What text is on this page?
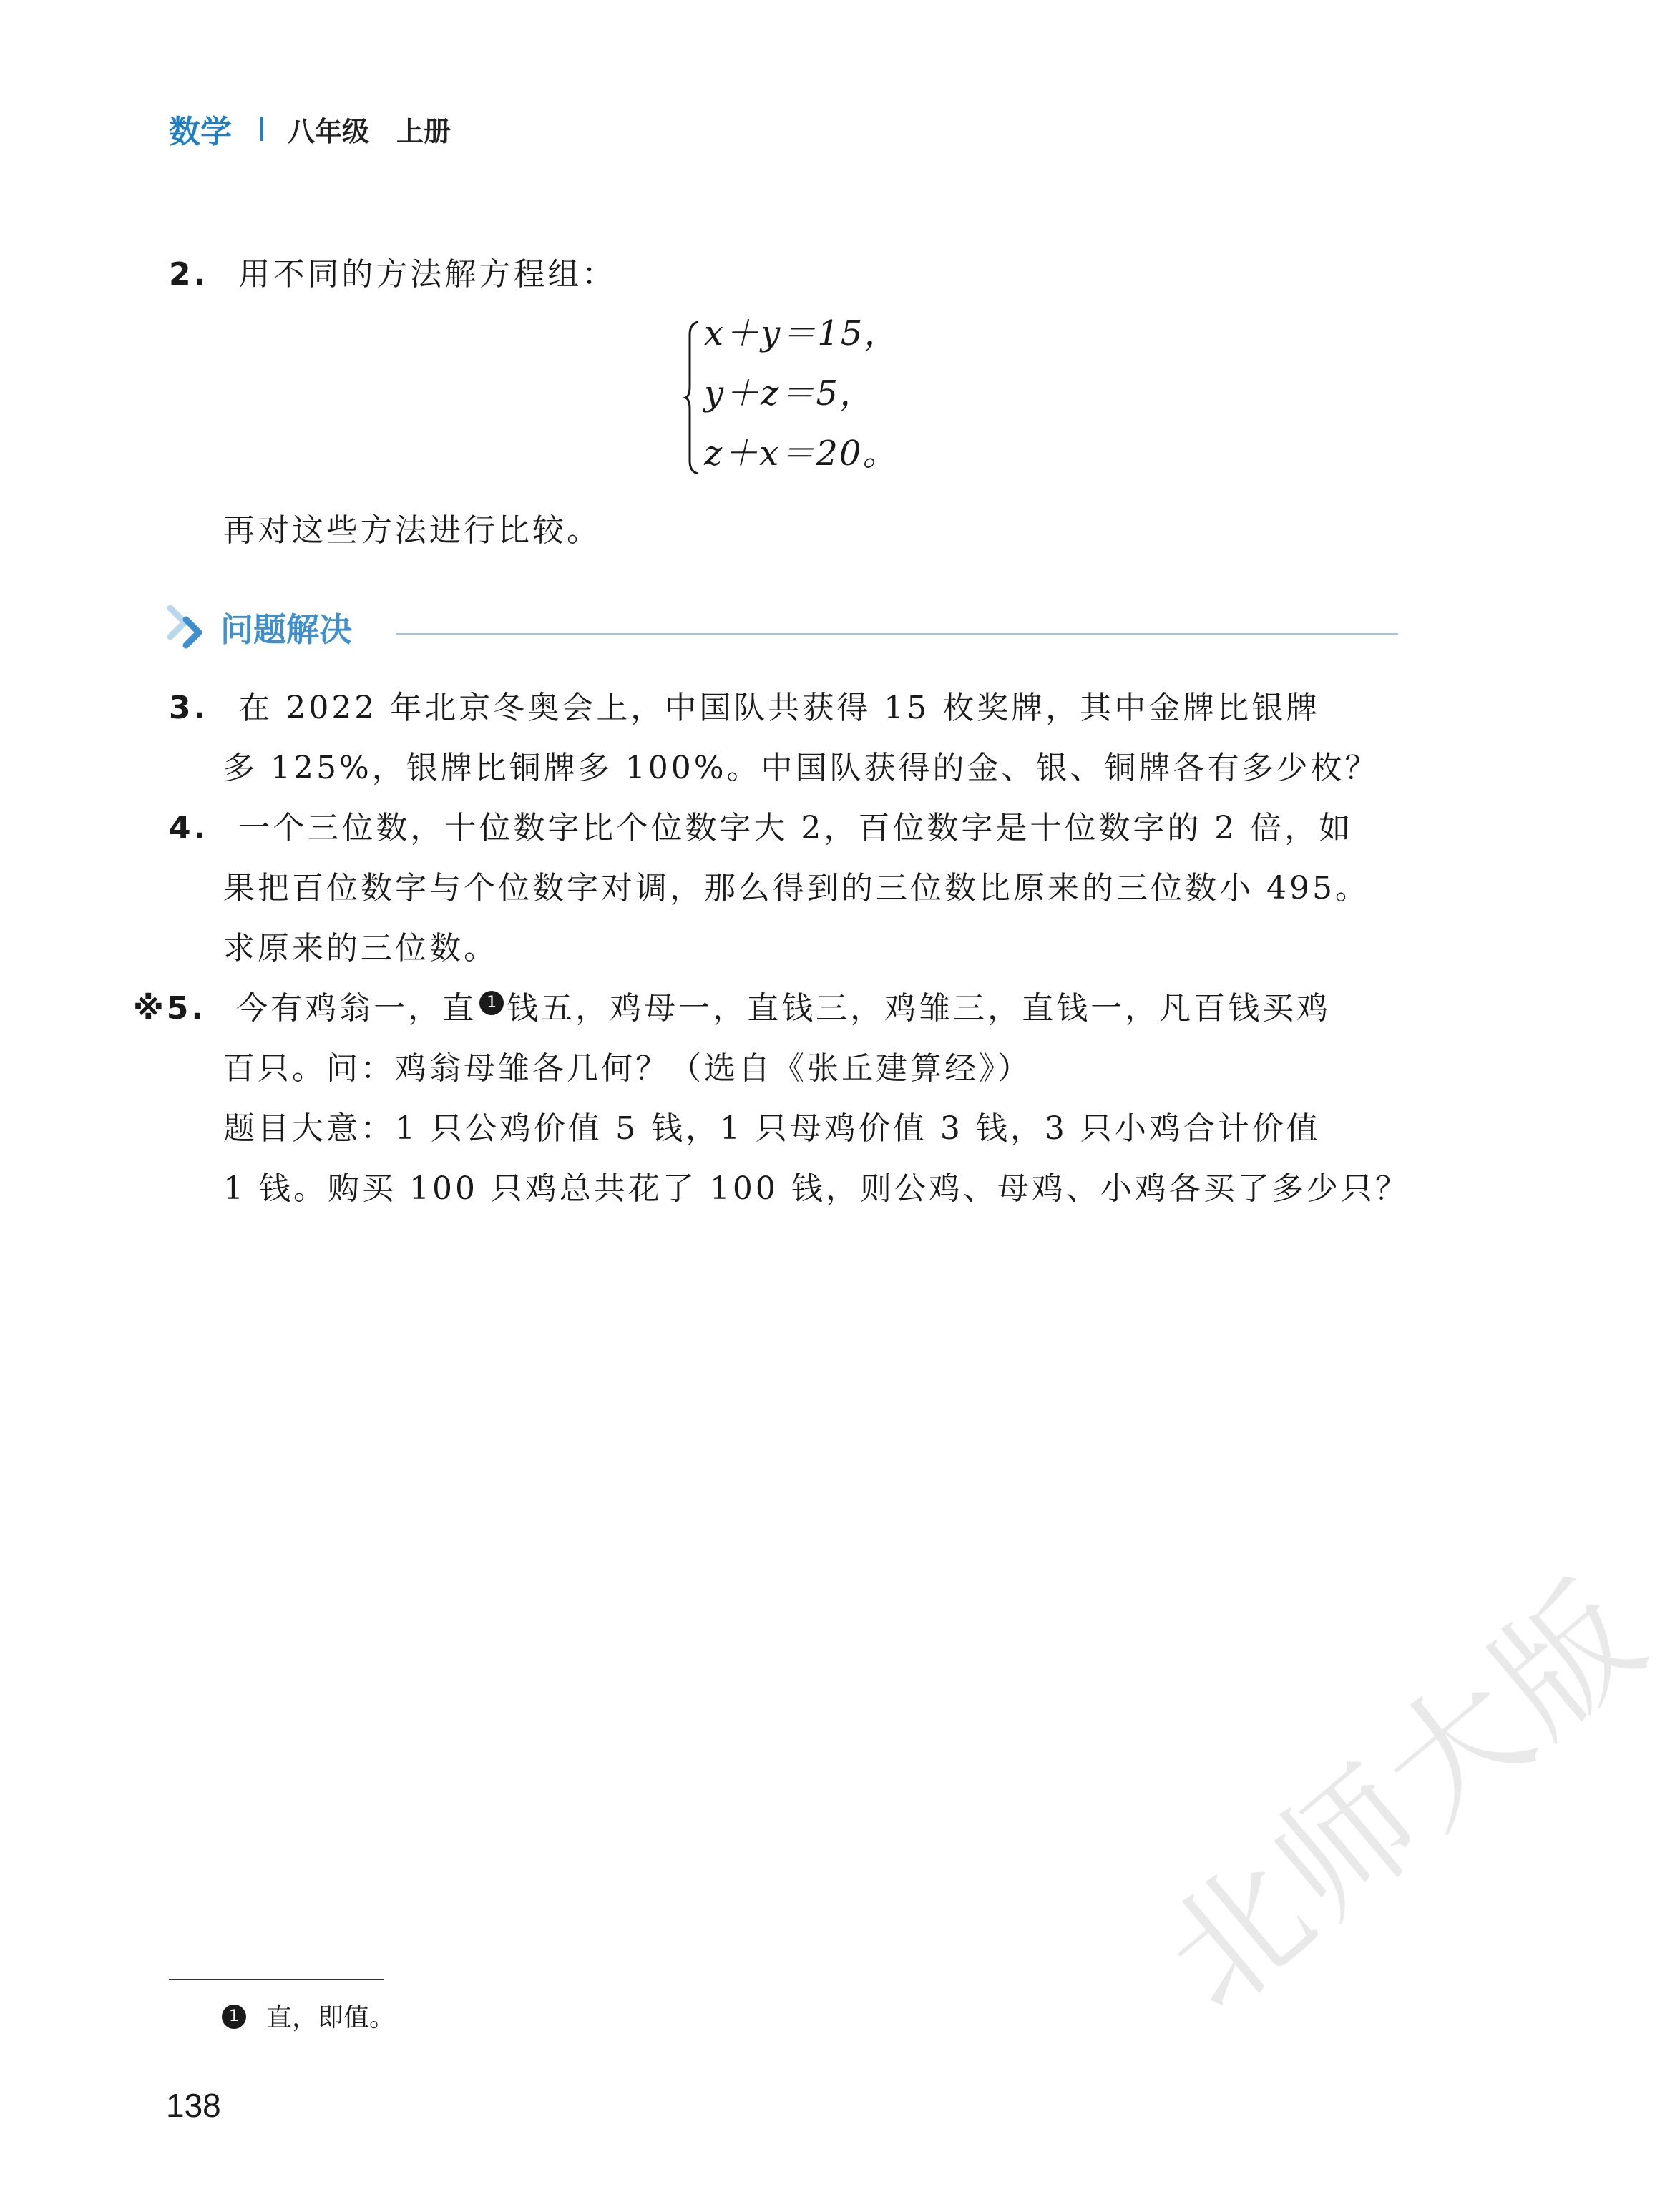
数学 八年级 上册
2. 用不同的方法解方程组：
x＋y＝15，
y＋z＝5，
z＋x＝20。
再对这些方法进行比较。
问题解决
3. 在 2022 年北京冬奥会上，中国队共获得 15 枚奖牌，其中金牌比银牌
多 125%，银牌比铜牌多 100%。中国队获得的金、银、铜牌各有多少枚？
4. 一个三位数，十位数字比个位数字大 2，百位数字是十位数字的 2 倍，如
果把百位数字与个位数字对调，那么得到的三位数比原来的三位数小 495。
求原来的三位数。
※5. 今有鸡翁一，直 1 钱五，鸡母一，直钱三，鸡雏三，直钱一，凡百钱买鸡
百只。问：鸡翁母雏各几何？（选自《张丘建算经》）
题目大意：1 只公鸡价值 5 钱，1 只母鸡价值 3 钱，3 只小鸡合计价值
1 钱。购买 100 只鸡总共花了 100 钱，则公鸡、母鸡、小鸡各买了多少只？
北师大版
1 直，即值。
138
